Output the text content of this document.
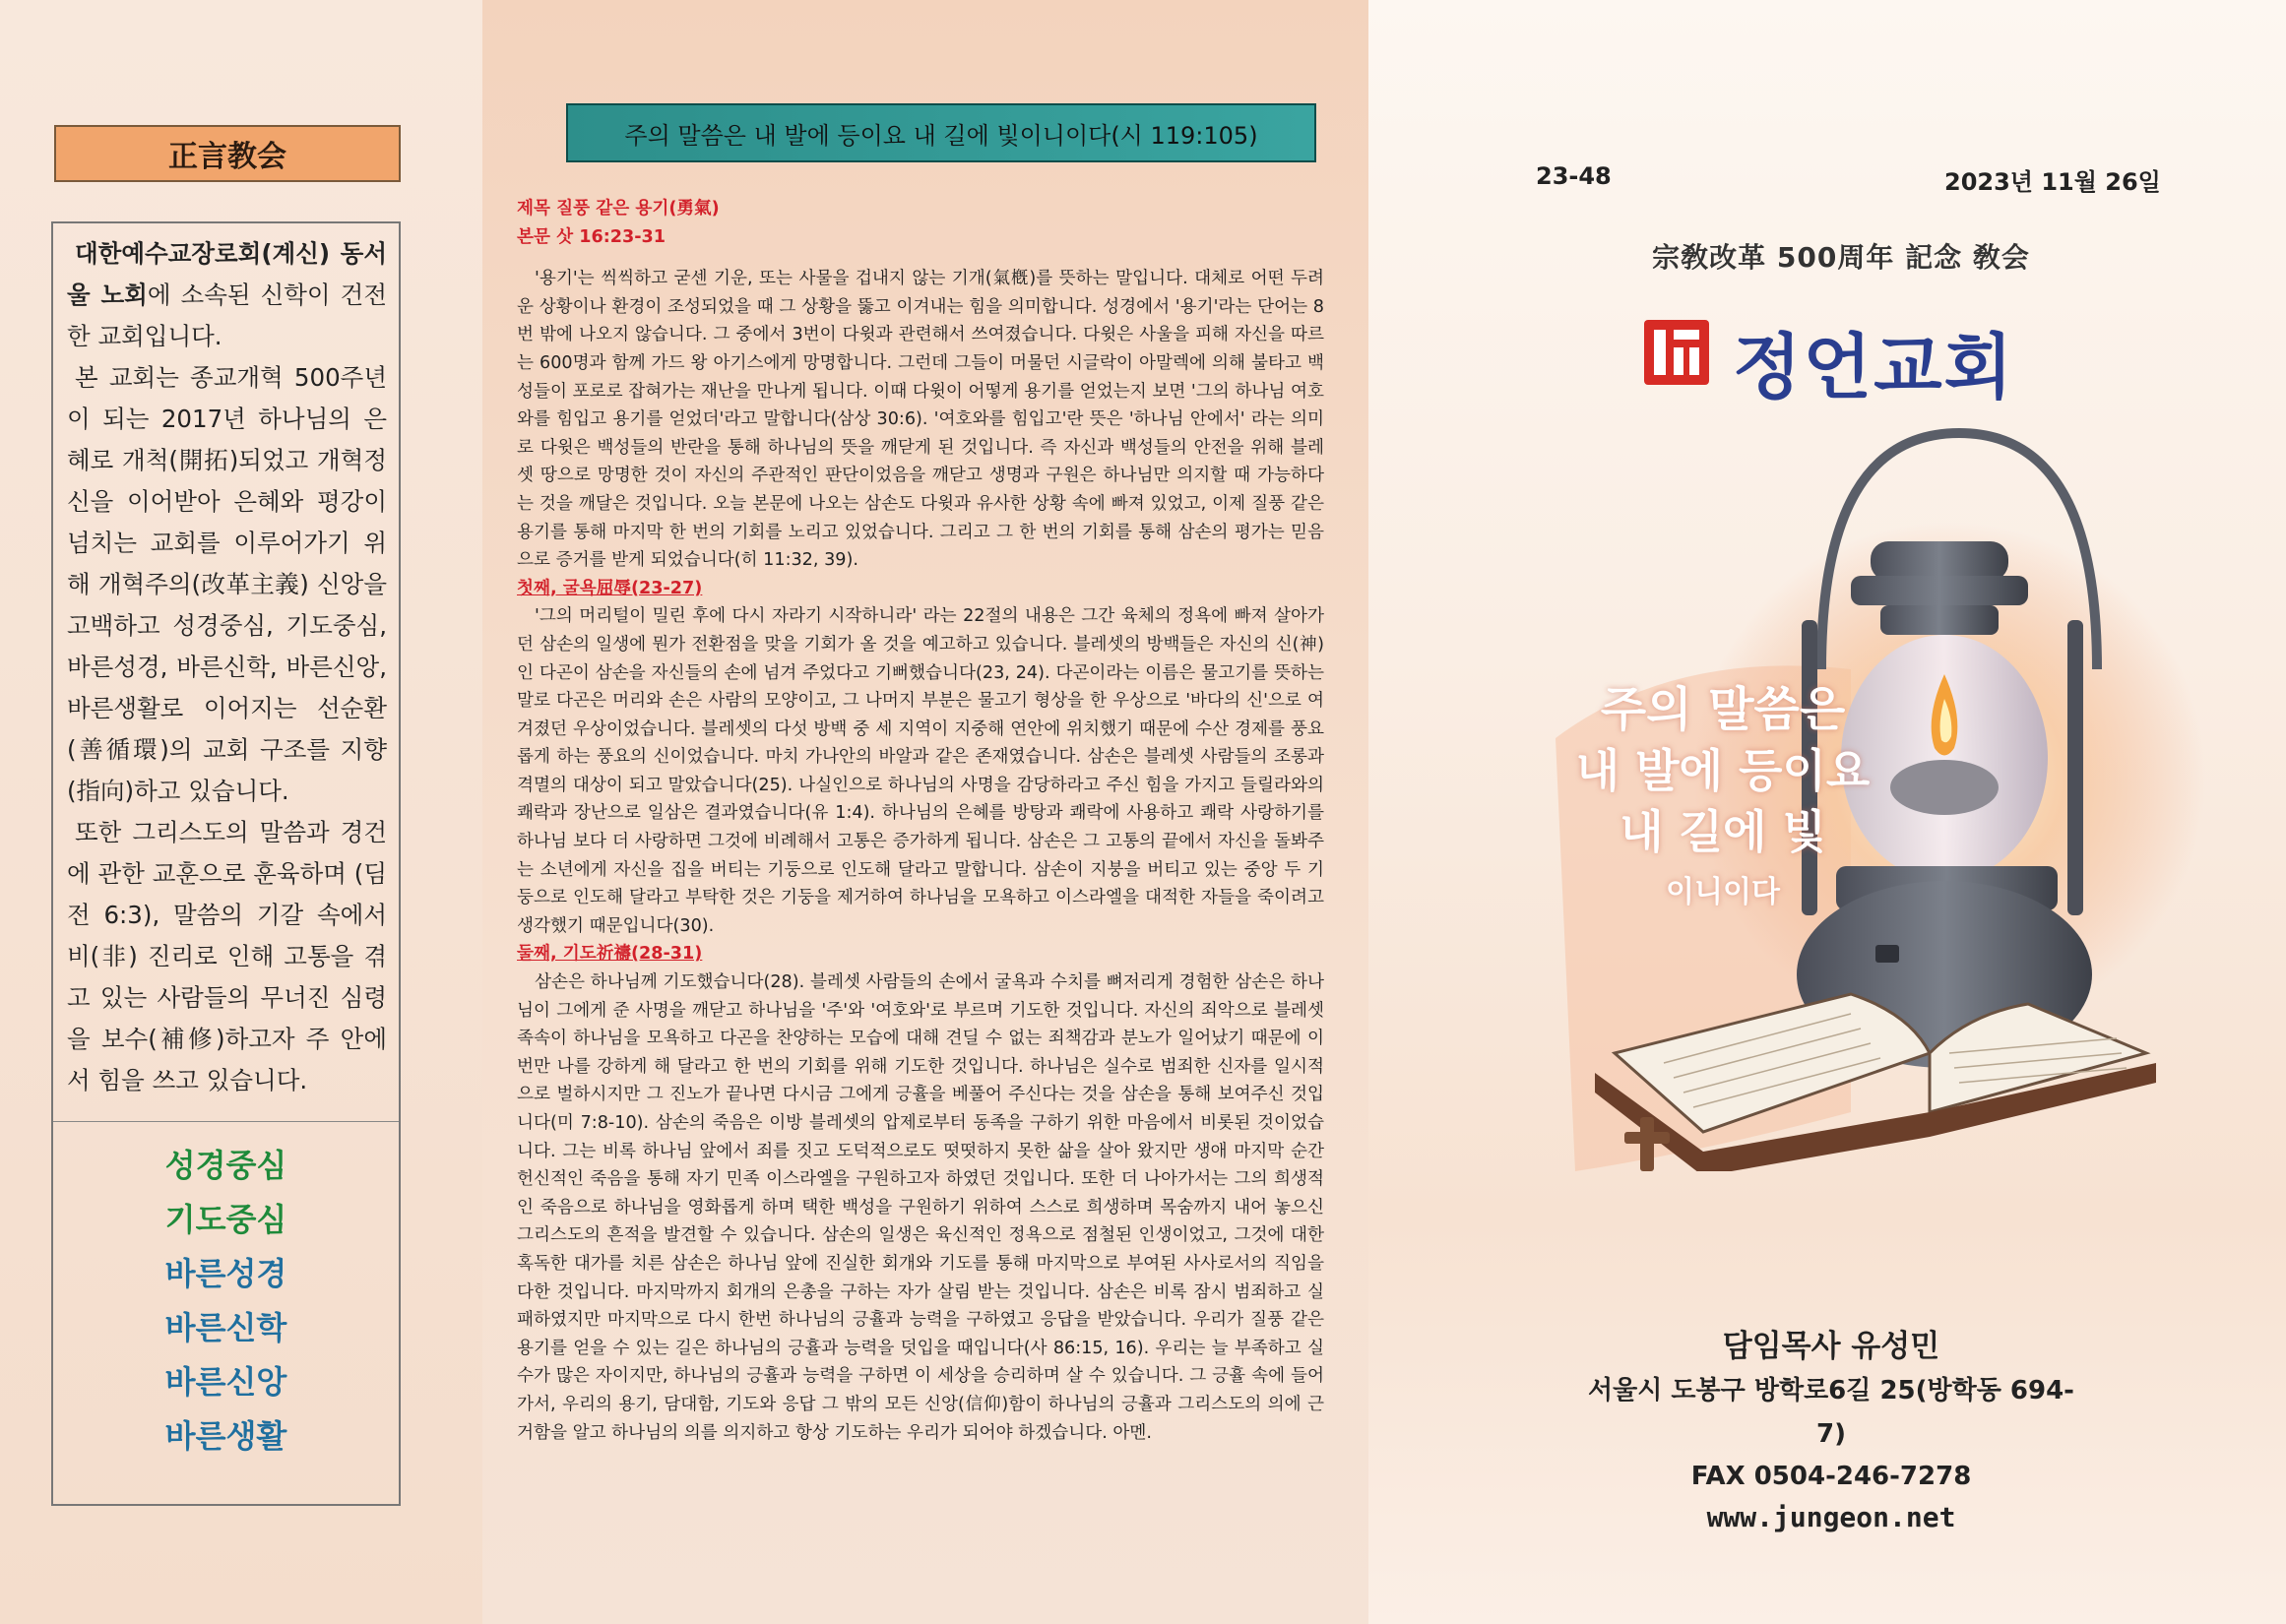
正言教会

대한예수교장로회(계신) 동서울 노회에 소속된 신학이 건전한 교회입니다.

본 교회는 종교개혁 500주년이 되는 2017년 하나님의 은혜로 개척(開拓)되었고 개혁정신을 이어받아 은혜와 평강이 넘치는 교회를 이루어가기 위해 개혁주의(改革主義) 신앙을 고백하고 성경중심, 기도중심, 바른성경, 바른신학, 바른신앙, 바른생활로 이어지는 선순환(善循環)의 교회 구조를 지향(指向)하고 있습니다.

또한 그리스도의 말씀과 경건에 관한 교훈으로 훈육하며 (딤전 6:3), 말씀의 기갈 속에서 비(非) 진리로 인해 고통을 겪고 있는 사람들의 무너진 심령을 보수(補修)하고자 주 안에서 힘을 쓰고 있습니다.

성경중심
기도중심
바른성경
바른신학
바른신앙
바른생활
주의 말씀은 내 발에 등이요 내 길에 빛이니이다(시 119:105)
제목 질풍 같은 용기(勇氣)
본문 삿 16:23-31

'용기'는 씩씩하고 굳센 기운, 또는 사물을 겁내지 않는 기개(氣槪)를 뜻하는 말입니다. 대체로 어떤 두려운 상황이나 환경이 조성되었을 때 그 상황을 뚫고 이겨내는 힘을 의미합니다. 성경에서 '용기'라는 단어는 8번 밖에 나오지 않습니다. 그 중에서 3번이 다윗과 관련해서 쓰여졌습니다. 다윗은 사울을 피해 자신을 따르는 600명과 함께 가드 왕 아기스에게 망명합니다. 그런데 그들이 머물던 시글락이 아말렉에 의해 불타고 백성들이 포로로 잡혀가는 재난을 만나게 됩니다. 이때 다윗이 어떻게 용기를 얻었는지 보면 '그의 하나님 여호와를 힘입고 용기를 얻었더'라고 말합니다(삼상 30:6). '여호와를 힘입고'란 뜻은 '하나님 안에서' 라는 의미로 다윗은 백성들의 반란을 통해 하나님의 뜻을 깨닫게 된 것입니다. 즉 자신과 백성들의 안전을 위해 블레셋 땅으로 망명한 것이 자신의 주관적인 판단이었음을 깨닫고 생명과 구원은 하나님만 의지할 때 가능하다는 것을 깨달은 것입니다. 오늘 본문에 나오는 삼손도 다윗과 유사한 상황 속에 빠져 있었고, 이제 질풍 같은 용기를 통해 마지막 한 번의 기회를 노리고 있었습니다. 그리고 그 한 번의 기회를 통해 삼손의 평가는 믿음으로 증거를 받게 되었습니다(히 11:32, 39).

첫째, 굴욕屈辱(23-27)

'그의 머리털이 밀린 후에 다시 자라기 시작하니라' 라는 22절의 내용은 그간 육체의 정욕에 빠져 살아가던 삼손의 일생에 뭔가 전환점을 맞을 기회가 올 것을 예고하고 있습니다. 블레셋의 방백들은 자신의 신(神)인 다곤이 삼손을 자신들의 손에 넘겨 주었다고 기뻐했습니다(23, 24). 다곤이라는 이름은 물고기를 뜻하는 말로 다곤은 머리와 손은 사람의 모양이고, 그 나머지 부분은 물고기 형상을 한 우상으로 '바다의 신'으로 여겨졌던 우상이었습니다. 블레셋의 다섯 방백 중 세 지역이 지중해 연안에 위치했기 때문에 수산 경제를 풍요롭게 하는 풍요의 신이었습니다. 마치 가나안의 바알과 같은 존재였습니다. 삼손은 블레셋 사람들의 조롱과 격멸의 대상이 되고 말았습니다(25). 나실인으로 하나님의 사명을 감당하라고 주신 힘을 가지고 들릴라와의 쾌락과 장난으로 일삼은 결과였습니다(유 1:4). 하나님의 은혜를 방탕과 쾌락에 사용하고 쾌락 사랑하기를 하나님 보다 더 사랑하면 그것에 비례해서 고통은 증가하게 됩니다. 삼손은 그 고통의 끝에서 자신을 돌봐주는 소년에게 자신을 집을 버티는 기둥으로 인도해 달라고 말합니다. 삼손이 지붕을 버티고 있는 중앙 두 기둥으로 인도해 달라고 부탁한 것은 기둥을 제거하여 하나님을 모욕하고 이스라엘을 대적한 자들을 죽이려고 생각했기 때문입니다(30).

둘째, 기도祈禱(28-31)

삼손은 하나님께 기도했습니다(28). 블레셋 사람들의 손에서 굴욕과 수치를 뼈저리게 경험한 삼손은 하나님이 그에게 준 사명을 깨닫고 하나님을 '주'와 '여호와'로 부르며 기도한 것입니다. 자신의 죄악으로 블레셋 족속이 하나님을 모욕하고 다곤을 찬양하는 모습에 대해 견딜 수 없는 죄책감과 분노가 일어났기 때문에 이번만 나를 강하게 해 달라고 한 번의 기회를 위해 기도한 것입니다. 하나님은 실수로 범죄한 신자를 일시적으로 벌하시지만 그 진노가 끝나면 다시금 그에게 긍휼을 베풀어 주신다는 것을 삼손을 통해 보여주신 것입니다(미 7:8-10). 삼손의 죽음은 이방 블레셋의 압제로부터 동족을 구하기 위한 마음에서 비롯된 것이었습니다. 그는 비록 하나님 앞에서 죄를 짓고 도덕적으로도 떳떳하지 못한 삶을 살아 왔지만 생애 마지막 순간 헌신적인 죽음을 통해 자기 민족 이스라엘을 구원하고자 하였던 것입니다. 또한 더 나아가서는 그의 희생적인 죽음으로 하나님을 영화롭게 하며 택한 백성을 구원하기 위하여 스스로 희생하며 목숨까지 내어 놓으신 그리스도의 흔적을 발견할 수 있습니다. 삼손의 일생은 육신적인 정욕으로 점철된 인생이었고, 그것에 대한 혹독한 대가를 치른 삼손은 하나님 앞에 진실한 회개와 기도를 통해 마지막으로 부여된 사사로서의 직임을 다한 것입니다. 마지막까지 회개의 은총을 구하는 자가 살림 받는 것입니다. 삼손은 비록 잠시 범죄하고 실패하였지만 마지막으로 다시 한번 하나님의 긍휼과 능력을 구하였고 응답을 받았습니다. 우리가 질풍 같은 용기를 얻을 수 있는 길은 하나님의 긍휼과 능력을 덧입을 때입니다(사 86:15, 16). 우리는 늘 부족하고 실수가 많은 자이지만, 하나님의 긍휼과 능력을 구하면 이 세상을 승리하며 살 수 있습니다. 그 긍휼 속에 들어가서, 우리의 용기, 담대함, 기도와 응답 그 밖의 모든 신앙(信仰)함이 하나님의 긍휼과 그리스도의 의에 근거함을 알고 하나님의 의를 의지하고 항상 기도하는 우리가 되어야 하겠습니다. 아멘.

23-48	2023년 11월 26일
宗敎改革 500周年 記念 敎会
정언교회
주의 말씀은
내 발에 등이요
내 길에 빛
이니이다
담임목사 유성민
서울시 도봉구 방학로6길 25(방학동 694-7)
FAX 0504-246-7278
www.jungeon.net
